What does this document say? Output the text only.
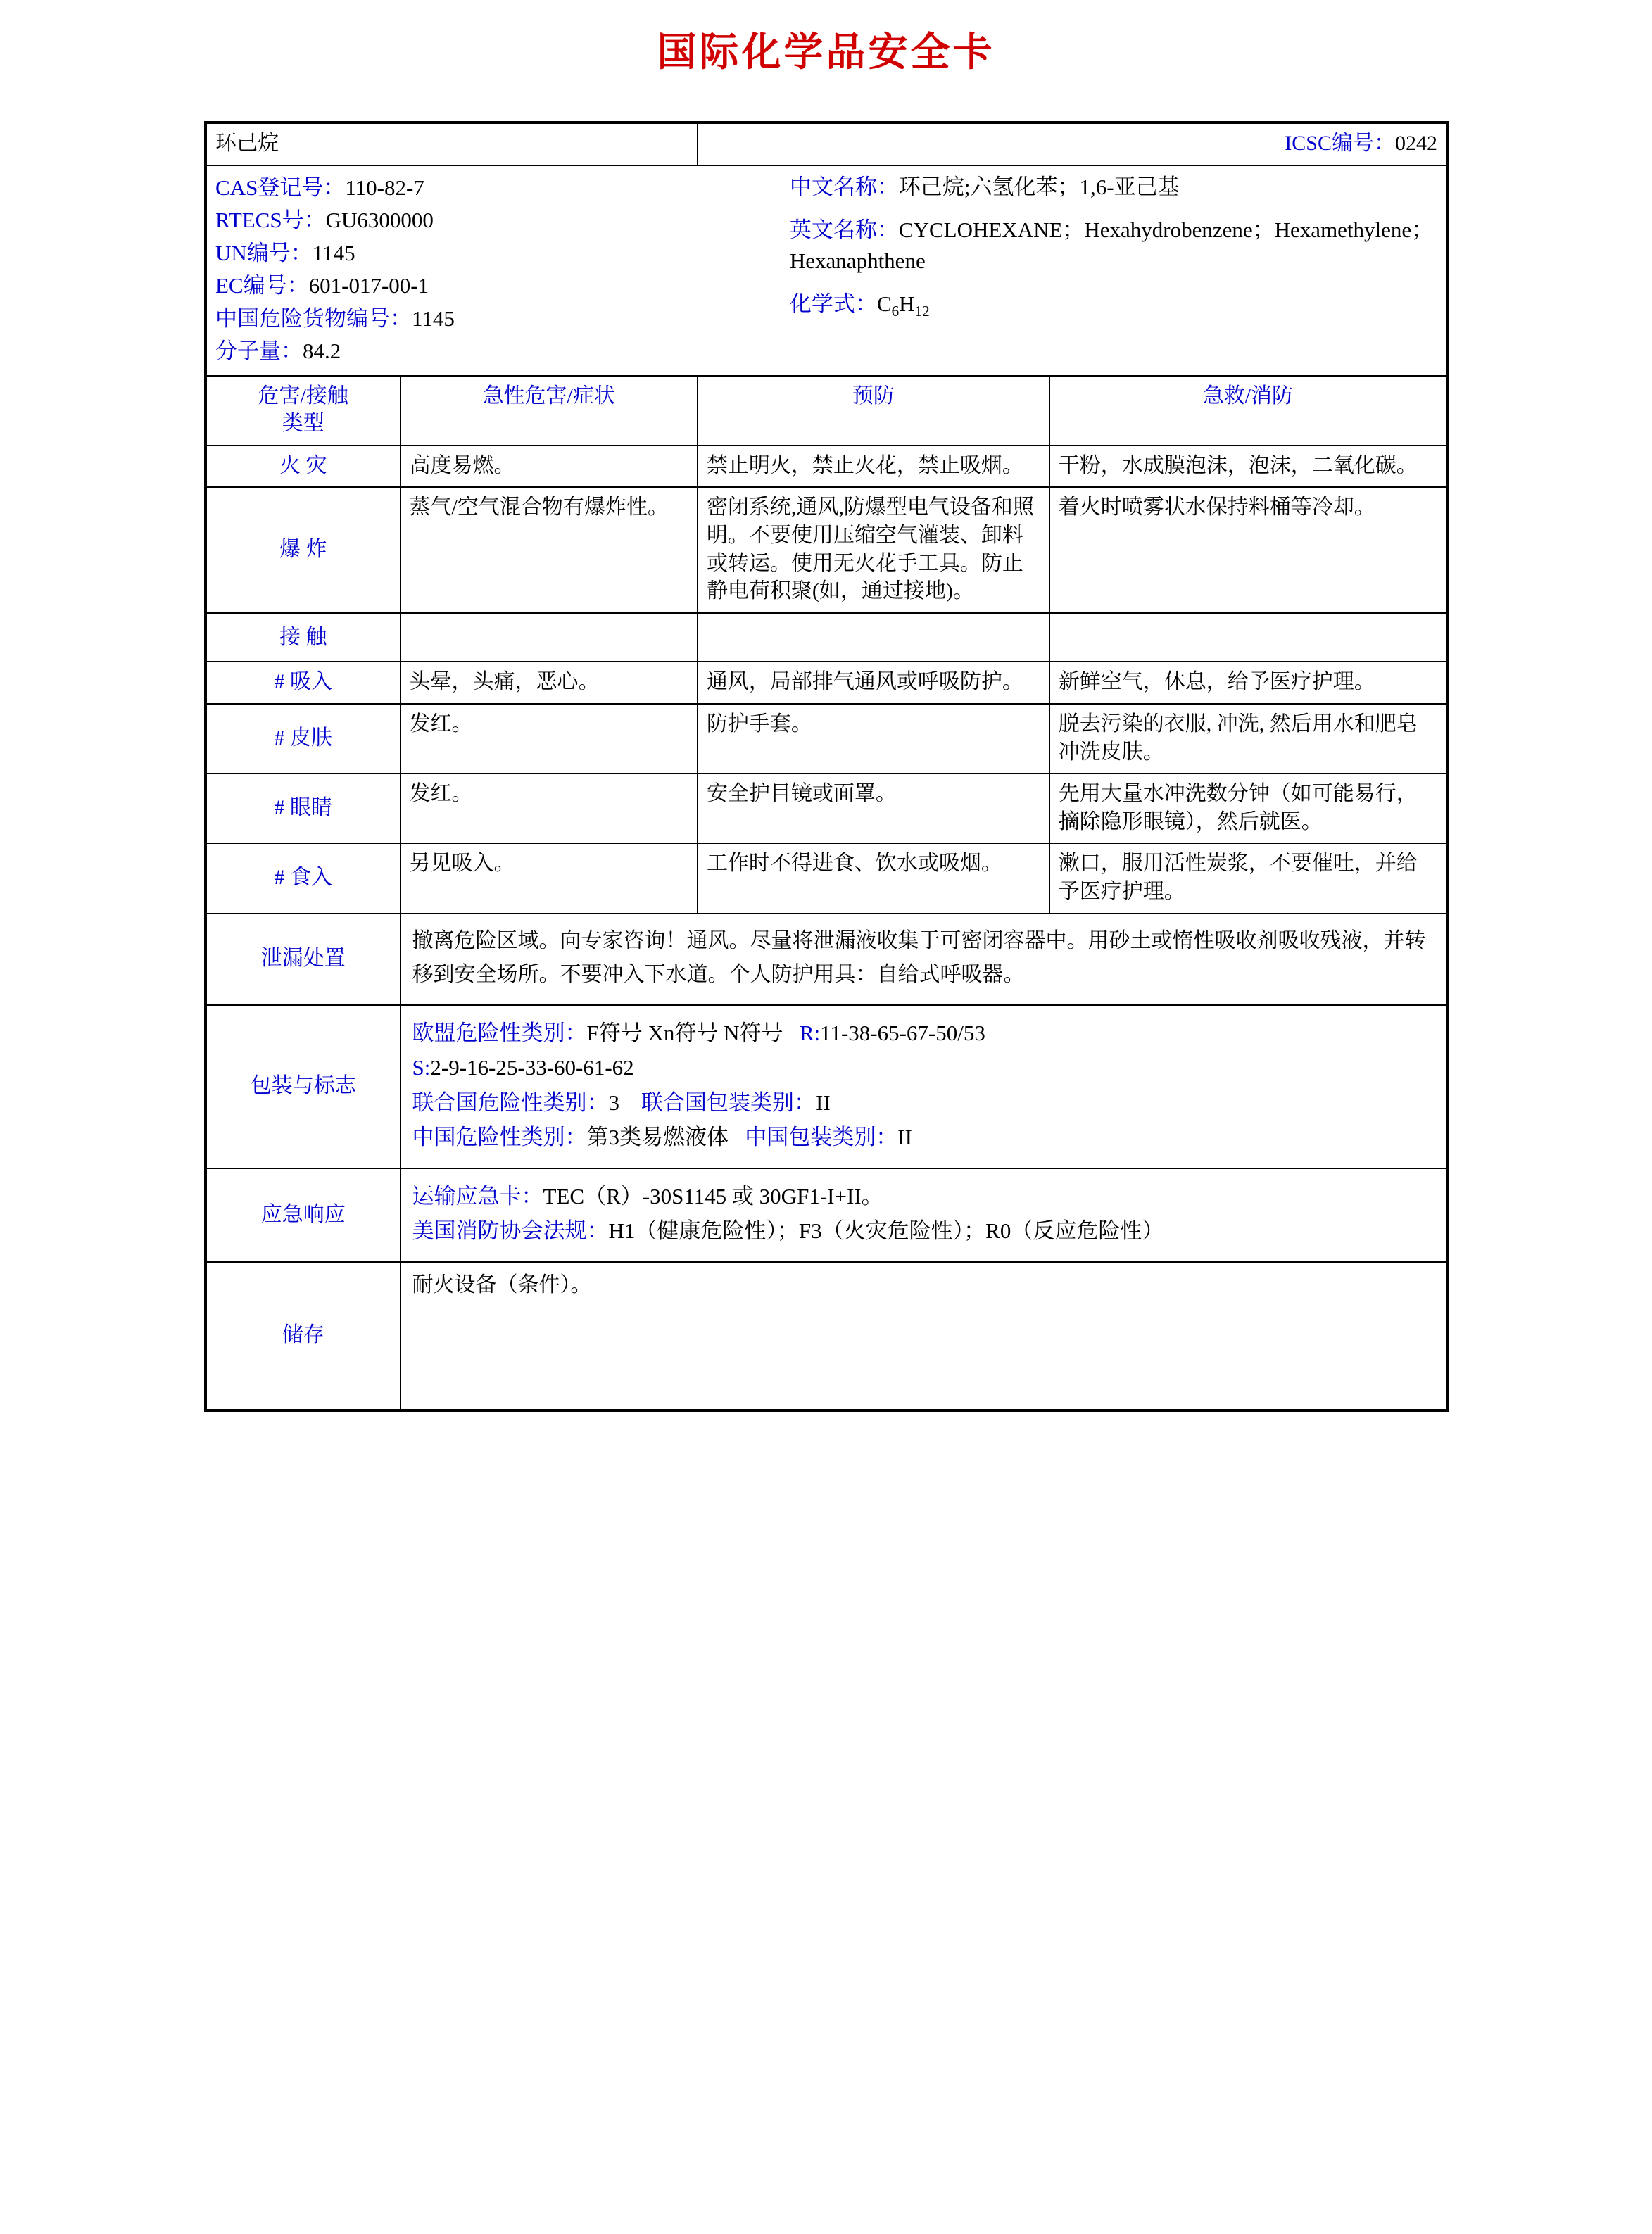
国际化学品安全卡
环己烷		ICSC编号：0242	

CAS登记号：110-82-7
RTECS号：GU6300000
UN编号：1145
EC编号：601-017-00-1
中国危险货物编号：1145
分子量：84.2
中文名称：环己烷;六氢化苯；1,6-亚己基
英文名称：CYCLOHEXANE；Hexahydrobenzene；Hexamethylene；Hexanaphthene
化学式：$C_6H_{12}$

危害/接触
类型	急性危害/症状	预防	急救/消防
火 灾	高度易燃。	禁止明火，禁止火花，禁止吸烟。	干粉，水成膜泡沫，泡沫，二氧化碳。
爆 炸	蒸气/空气混合物有爆炸性。	密闭系统,通风,防爆型电气设备和照明。不要使用压缩空气灌装、卸料或转运。使用无火花手工具。防止静电荷积聚(如，通过接地)。	着火时喷雾状水保持料桶等冷却。
接 触			
# 吸入	头晕，头痛，恶心。	通风，局部排气通风或呼吸防护。	新鲜空气，休息，给予医疗护理。
# 皮肤	发红。	防护手套。	脱去污染的衣服, 冲洗, 然后用水和肥皂冲洗皮肤。
# 眼睛	发红。	安全护目镜或面罩。	先用大量水冲洗数分钟（如可能易行，摘除隐形眼镜），然后就医。
# 食入	另见吸入。	工作时不得进食、饮水或吸烟。	漱口，服用活性炭浆，不要催吐，并给予医疗护理。
泄漏处置	撤离危险区域。向专家咨询！通风。尽量将泄漏液收集于可密闭容器中。用砂土或惰性吸收剂吸收残液，并转移到安全场所。不要冲入下水道。个人防护用具：自给式呼吸器。		
包装与标志	欧盟危险性类别：F符号 Xn符号 N符号 R:11-38-65-67-50/53
S:2-9-16-25-33-60-61-62
联合国危险性类别：3 联合国包装类别：II
中国危险性类别：第3类易燃液体 中国包装类别：II		

应急响应	运输应急卡：TEC（R）-30S1145 或 30GF1-I+II。
美国消防协会法规：H1（健康危险性）；F3（火灾危险性）；R0（反应危险性）		

储存	耐火设备（条件）。		
